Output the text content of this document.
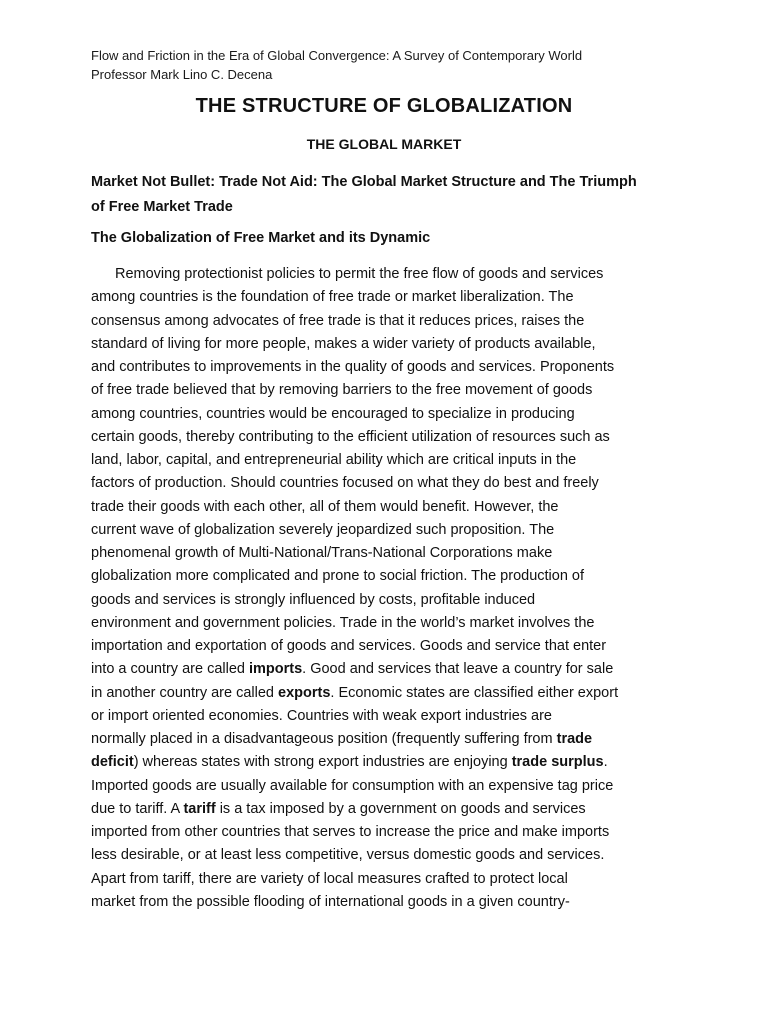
Flow and Friction in the Era of Global Convergence: A Survey of Contemporary World
Professor Mark Lino C. Decena
THE STRUCTURE OF GLOBALIZATION
THE GLOBAL MARKET
Market Not Bullet: Trade Not Aid: The Global Market Structure and The Triumph
of Free Market Trade
The Globalization of Free Market and its Dynamic
Removing protectionist policies to permit the free flow of goods and services
among countries is the foundation of free trade or market liberalization. The
consensus among advocates of free trade is that it reduces prices, raises the
standard of living for more people, makes a wider variety of products available,
and contributes to improvements in the quality of goods and services. Proponents
of free trade believed that by removing barriers to the free movement of goods
among countries, countries would be encouraged to specialize in producing
certain goods, thereby contributing to the efficient utilization of resources such as
land, labor, capital, and entrepreneurial ability which are critical inputs in the
factors of production. Should countries focused on what they do best and freely
trade their goods with each other, all of them would benefit. However, the
current wave of globalization severely jeopardized such proposition. The
phenomenal growth of Multi-National/Trans-National Corporations make
globalization more complicated and prone to social friction. The production of
goods and services is strongly influenced by costs, profitable induced
environment and government policies. Trade in the world’s market involves the
importation and exportation of goods and services. Goods and service that enter
into a country are called imports. Good and services that leave a country for sale
in another country are called exports. Economic states are classified either export
or import oriented economies. Countries with weak export industries are
normally placed in a disadvantageous position (frequently suffering from trade
deficit) whereas states with strong export industries are enjoying trade surplus.
Imported goods are usually available for consumption with an expensive tag price
due to tariff. A tariff is a tax imposed by a government on goods and services
imported from other countries that serves to increase the price and make imports
less desirable, or at least less competitive, versus domestic goods and services.
Apart from tariff, there are variety of local measures crafted to protect local
market from the possible flooding of international goods in a given country-
